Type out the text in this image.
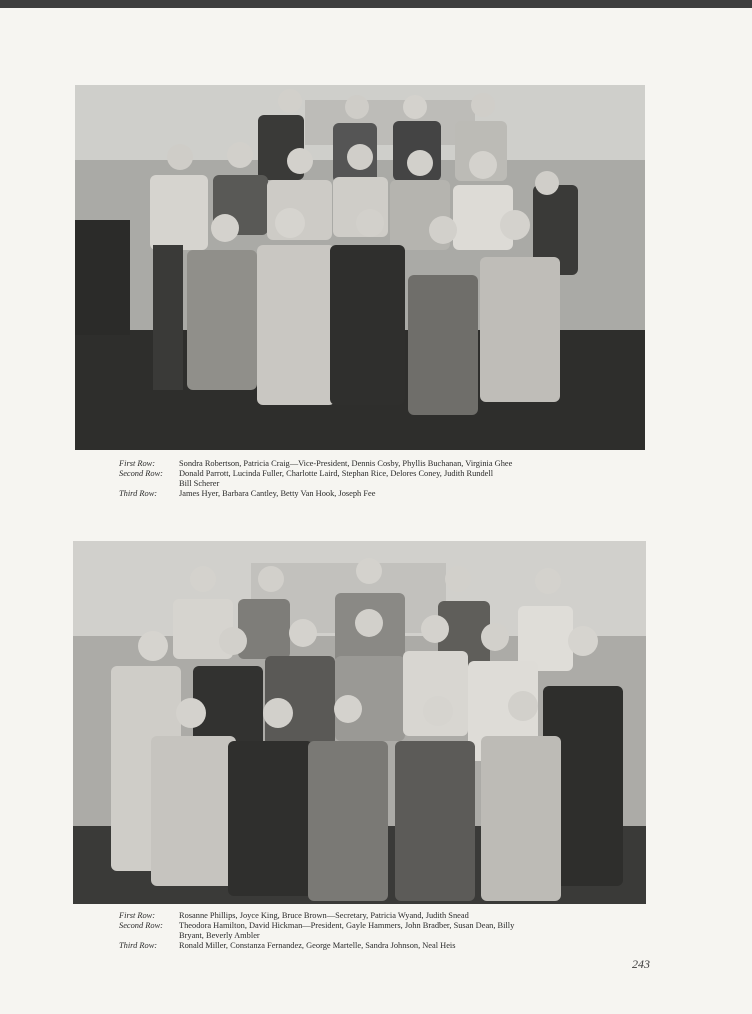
First Row:	Sondra Robertson, Patricia Craig—Vice-President, Dennis Cosby, Phyllis Buchanan, Virginia Ghee
Second Row:	Donald Parrott, Lucinda Fuller, Charlotte Laird, Stephan Rice, Delores Coney, Judith Rundell
Bill Scherer
Third Row:	James Hyer, Barbara Cantley, Betty Van Hook, Joseph Fee
First Row:	Rosanne Phillips, Joyce King, Bruce Brown—Secretary, Patricia Wyand, Judith Snead
Second Row:	Theodora Hamilton, David Hickman—President, Gayle Hammers, John Bradber, Susan Dean, Billy
Bryant, Beverly Ambler
Third Row:	Ronald Miller, Constanza Fernandez, George Martelle, Sandra Johnson, Neal Heis
243
